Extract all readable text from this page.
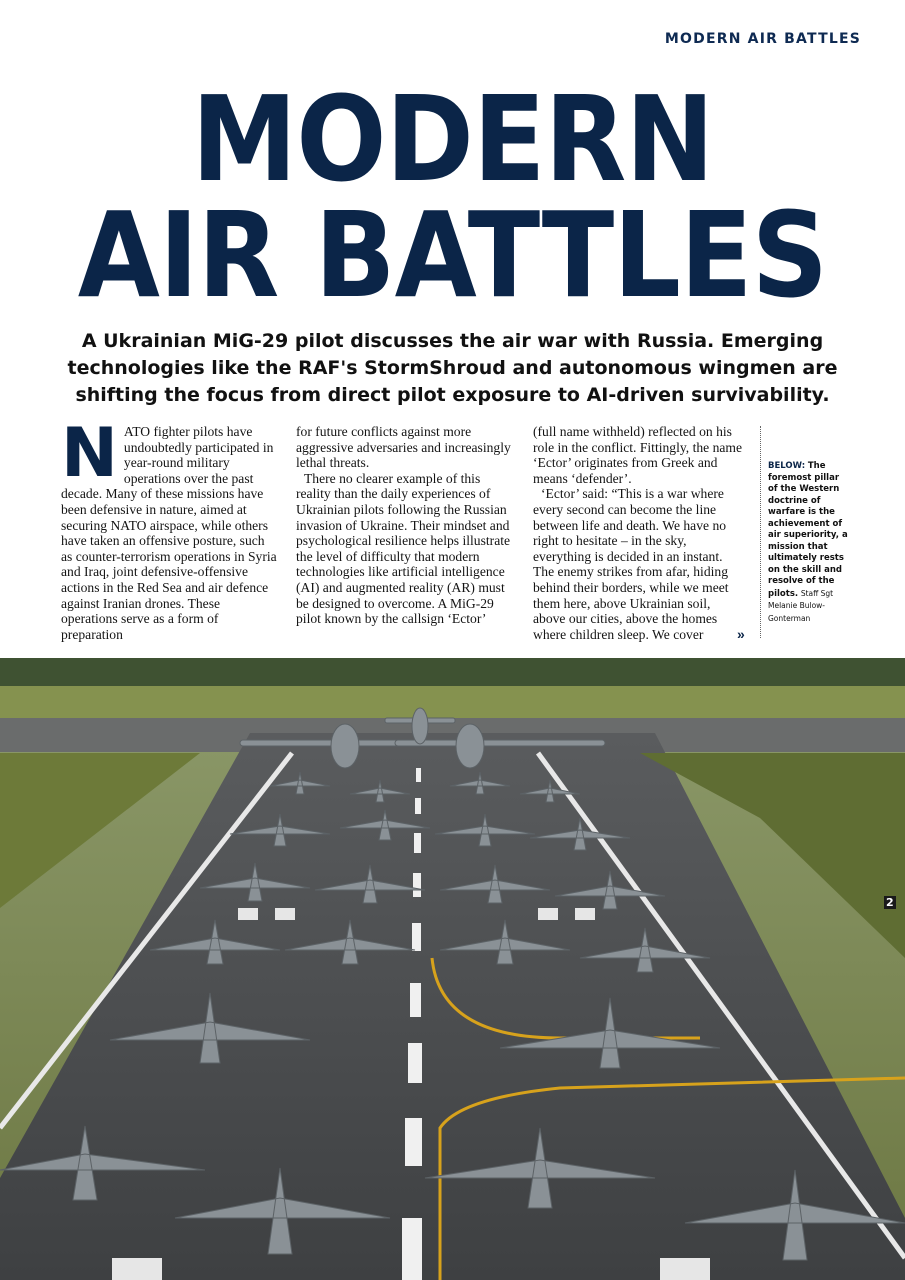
MODERN AIR BATTLES
MODERN
AIR BATTLES
A Ukrainian MiG-29 pilot discusses the air war with Russia. Emerging technologies like the RAF's StormShroud and autonomous wingmen are shifting the focus from direct pilot exposure to AI-driven survivability.
N ATO fighter pilots have undoubtedly participated in year-round military operations over the past decade. Many of these missions have been defensive in nature, aimed at securing NATO airspace, while others have taken an offensive posture, such as counter-terrorism operations in Syria and Iraq, joint defensive-offensive actions in the Red Sea and air defence against Iranian drones. These operations serve as a form of preparation

for future conflicts against more aggressive adversaries and increasingly lethal threats.

There no clearer example of this reality than the daily experiences of Ukrainian pilots following the Russian invasion of Ukraine. Their mindset and psychological resilience helps illustrate the level of difficulty that modern technologies like artificial intelligence (AI) and augmented reality (AR) must be designed to overcome. A MiG-29 pilot known by the callsign ‘Ector’

(full name withheld) reflected on his role in the conflict. Fittingly, the name ‘Ector’ originates from Greek and means ‘defender’.

‘Ector’ said: “This is a war where every second can become the line between life and death. We have no right to hesitate – in the sky, everything is decided in an instant. The enemy strikes from afar, hiding behind their borders, while we meet them here, above Ukrainian soil, above our cities, above the homes where children sleep. We cover	»
BELOW: The foremost pillar of the Western doctrine of warfare is the achievement of air superiority, a mission that ultimately rests on the skill and resolve of the pilots. Staff Sgt Melanie Bulow-Gonterman
2
